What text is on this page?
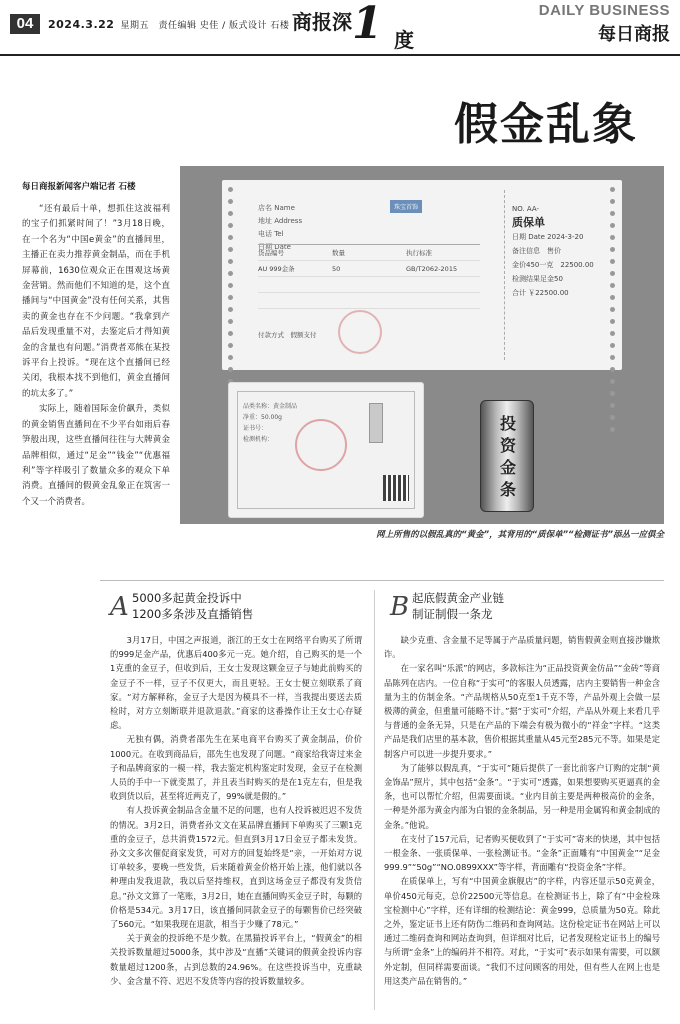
04	2024.3.22 星期五　责任编辑 史佳 / 版式设计 石楼 商报深 1 度
DAILY BUSINESS
每日商报
假金乱象
每日商报新闻客户端记者 石楼

“还有最后十单，想抓住这波福利的宝子们抓紧时间了！”3月18日晚，在一个名为“中国e黄金”的直播间里，主播正在卖力推荐黄金制品，而在手机屏幕前，1630位观众正在围观这场黄金营销。然而他们不知道的是，这个直播间与“中国黄金”没有任何关系，其售卖的黄金也存在不少问题。“我拿到产品后发现重量不对，去鉴定后才得知黄金的含量也有问题。”消费者邓熊在某投诉平台上投诉。“现在这个直播间已经关闭，我根本找不到他们，黄金直播间的坑太多了。”

实际上，随着国际金价飙升，类似的黄金销售直播间在不少平台如雨后春笋般出现，这些直播间往往与大牌黄金品牌相似，通过“足金”“钱金”“优惠福利”等字样吸引了数量众多的观众下单消费。直播间的假黄金乱象正在筑害一个又一个消费者。

店名 Name
地址 Address
电话 Tel
日期 Date
珠宝首饰
货品编号	数量	执行标准
AU 999金条	50	GB/T2062-2015
付款方式　假额支付
NO. AA-
质保单
日期 Date 2024-3-20
备注信息　售价
金价450一克　22500.00
检测结果足金50
合计 ￥22500.00
品类名称：黄金制品
净重：50.00g
证书号：
检测机构：
投资金条
网上所售的以假乱真的“黄金”，其背用的“质保单”“检测证书”添丛一应俱全
A 5000多起黄金投诉中
1200多条涉及直播销售

3月17日，中国之声报道，浙江的王女士在网络平台购买了所谓的999足金产品，优惠后400多元一克。她介绍，自己购买的是一个1克重的金豆子，但收到后，王女士发现这颗金豆子与她此前购买的金豆子不一样，豆子不仅更大，而且更轻。王女士便立刻联系了商家。“对方解释称，金豆子大是因为模具不一样，当我提出要送去质检时，对方立刻断联并退款退款。”商家的这番操作让王女士心存疑虑。

无独有偶，消费者邵先生在某电商平台购买了黄金制品，价价1000元。在收到商品后，邵先生也发现了问题。“商家给我寄过来金子和品牌商家的一模一样，我去鉴定机构鉴定时发现，金豆子在检测人员的手中一下就变黑了，并且表当时购买的是在1克左右，但是我收到货以后，甚至将近两克了，99%就是假的。”

有人投诉黄金制品含金量不足的问题，也有人投诉被迟迟不发货的情况。3月2日，消费者孙文文在某品牌直播间下单购买了三颗1克重的金豆子，总共消费1572元。但直到3月17日金豆子都未发货。孙文文多次催促商家发货，可对方的回复始终是“亲，一开始对方说订单较多，要晚一些发货，后来随着黄金价格开始上涨，他们就以各种理由发我退款，我以后坚持维权，直到这场金豆子都没有发货信息。”孙文文算了一笔账，3月2日，她在直播间购买金豆子时，每颗的价格是534元。3月17日，该直播间同款金豆子的每颗售价已经突破了560元。“如果我现在退款，相当于少赚了78元。”

关于黄金的投诉绝不是少数。在黑猫投诉平台上，“假黄金”的相关投诉数量超过5000条，其中涉及“直播”关键词的假黄金投诉内容数量超过1200条，占到总数的24.96%。在这些投诉当中，克重缺少、金含量不符、迟迟不发货等内容的投诉数量较多。

B 起底假黄金产业链
制证制假一条龙

缺少克重、含金量不足等属于产品质量问题，销售假黄金则直接涉嫌欺诈。

在一家名叫“乐派”的网店，多款标注为“正品投资黄金仿品”“金砖”等商品陈列在店内。一位自称“于实可”的客服人员透露，店内主要销售一种金含量为主的仿制金条。“产品规格从50克至1千克不等，产品外观上会做一层极薄的黄金，但重量可能略不计。”据“于实可”介绍，产品从外观上来看几乎与普通的金条无异，只是在产品的下端会有极为微小的“祥金”字样。“这类产品是我们店里的基本款，售价根据其重量从45元至285元不等。如果是定制客户可以进一步提升要求。”

为了能够以假乱真，“于实可”随后提供了一套比前客户订购的定制“黄金饰品”照片，其中包括“金条”。“于实可”透露，如果想要购买更逼真的金条，也可以帮忙介绍，但需要面谈。“业内目前主要是两种极高价的金条，一种是外部为黄金内部为白银的金条制品，另一种是用金属钨和黄金制成的金条。”他说。

在支付了157元后，记者购买便收到了“于实可”寄来的快递，其中包括一根金条、一张质保单、一张检测证书。“金条”正面雕有“中国黄金”“足金999.9”“50g”“NO.0899XXX”等字样，背面雕有“投资金条”字样。

在质保单上，写有“中国黄金旗舰店”的字样，内容还显示50克黄金，单价450元每克，总价22500元等信息。在检测证书上，除了有“中金检珠宝检测中心”字样，还有详细的检测结论：黄金999，总质量为50克。除此之外，鉴定证书上还有防伪二维码和查询网站。这份检定证书在网站上可以通过二维码查询和网站查询到，但详细对比后，记者发现检定证书上的编号与所谓“金条”上的编码并不相符。对此，“于实可”表示如果有需要，可以额外定制，但同样需要面谈。“我们不过问顾客的用处，但有些人在网上也是用这类产品在销售的。”
